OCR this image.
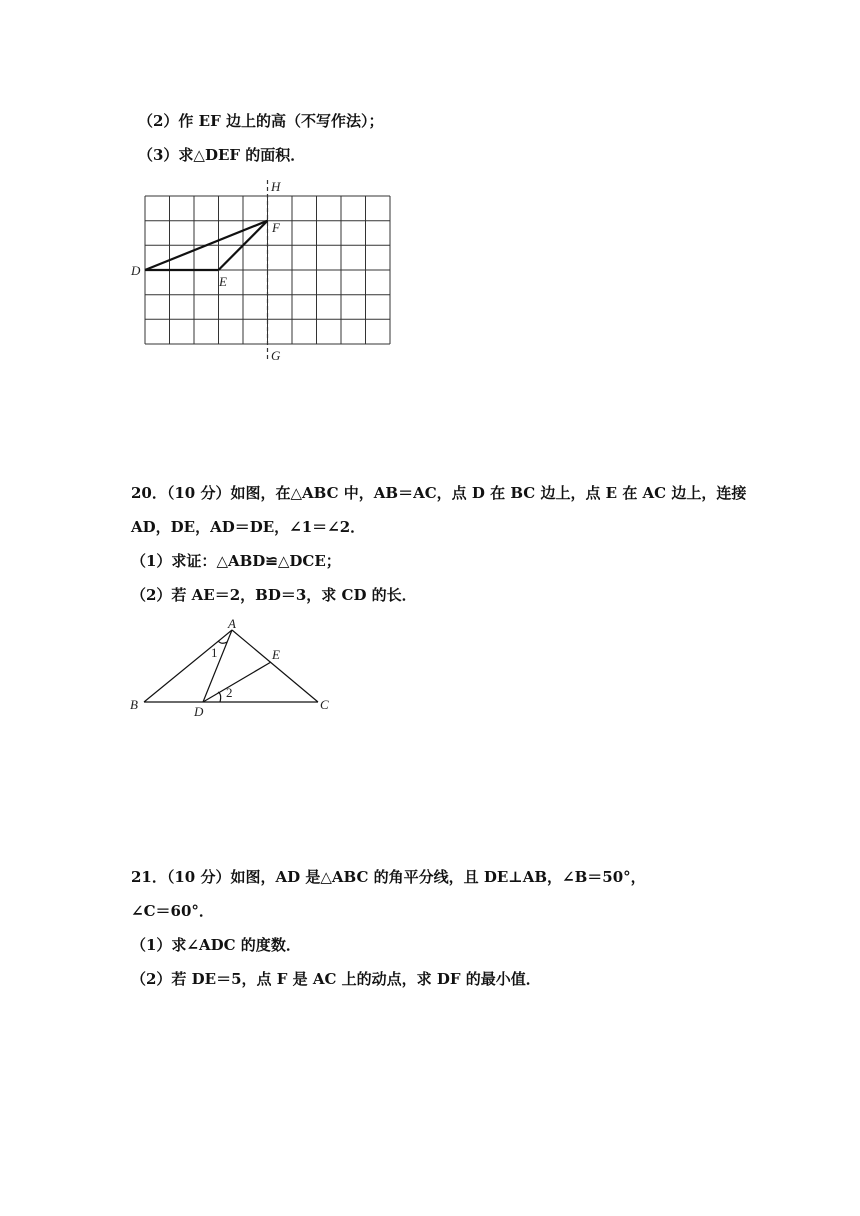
（2）作 EF 边上的高（不写作法）；
（3）求△DEF 的面积．
H
F
D
E
G
20．（10 分）如图，在△ABC 中，AB＝AC，点 D 在 BC 边上，点 E 在 AC 边上，连接
AD，DE，AD＝DE，∠1＝∠2．
（1）求证：△ABD≌△DCE；
（2）若 AE＝2，BD＝3，求 CD 的长．
A
B	C
D
E
1
2
21．（10 分）如图，AD 是△ABC 的角平分线，且 DE⊥AB，∠B＝50°，
∠C＝60°．
（1）求∠ADC 的度数．
（2）若 DE＝5，点 F 是 AC 上的动点，求 DF 的最小值．
